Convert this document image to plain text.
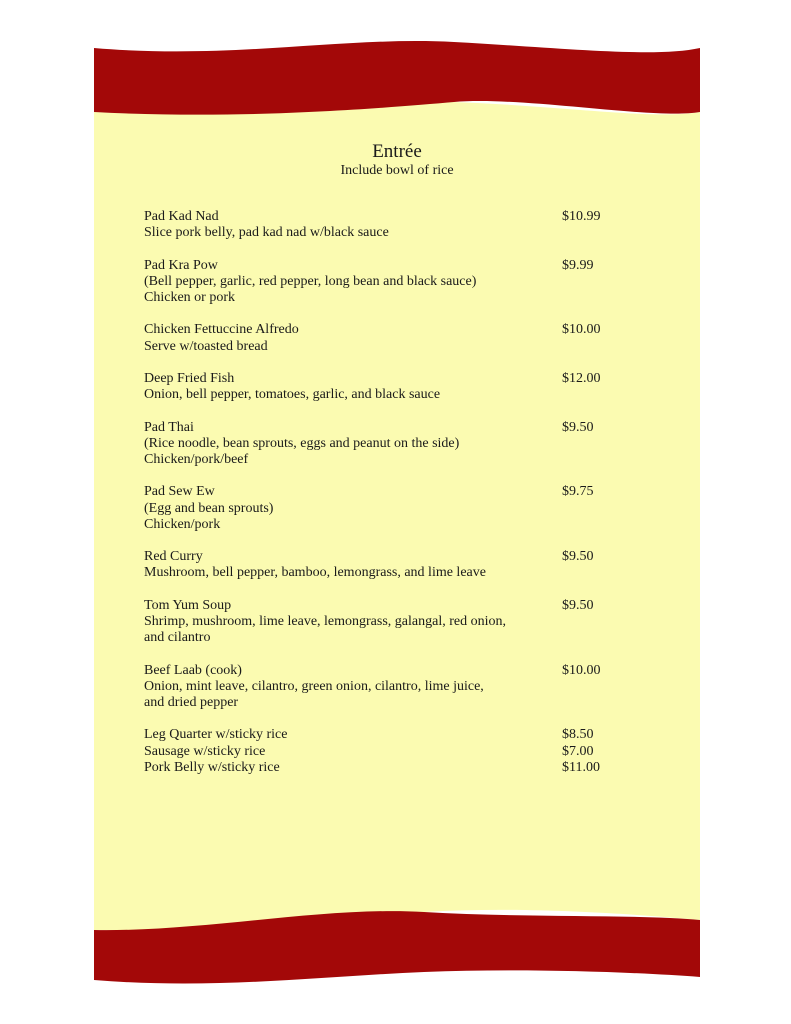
Entrée
Include bowl of rice
Pad Kad Nad	$10.99
Slice pork belly, pad kad nad w/black sauce
Pad Kra Pow	$9.99
(Bell pepper, garlic, red pepper, long bean and black sauce)
Chicken or pork
Chicken Fettuccine Alfredo	$10.00
Serve w/toasted bread
Deep Fried Fish	$12.00
Onion, bell pepper, tomatoes, garlic, and black sauce
Pad Thai	$9.50
(Rice noodle, bean sprouts, eggs and peanut on the side)
Chicken/pork/beef
Pad Sew Ew	$9.75
(Egg and bean sprouts)
Chicken/pork
Red Curry	$9.50
Mushroom, bell pepper, bamboo, lemongrass, and lime leave
Tom Yum Soup	$9.50
Shrimp, mushroom, lime leave, lemongrass, galangal, red onion,
and cilantro
Beef Laab (cook)	$10.00
Onion, mint leave, cilantro, green onion, cilantro, lime juice,
and dried pepper
Leg Quarter w/sticky rice	$8.50
Sausage w/sticky rice	$7.00
Pork Belly w/sticky rice	$11.00
